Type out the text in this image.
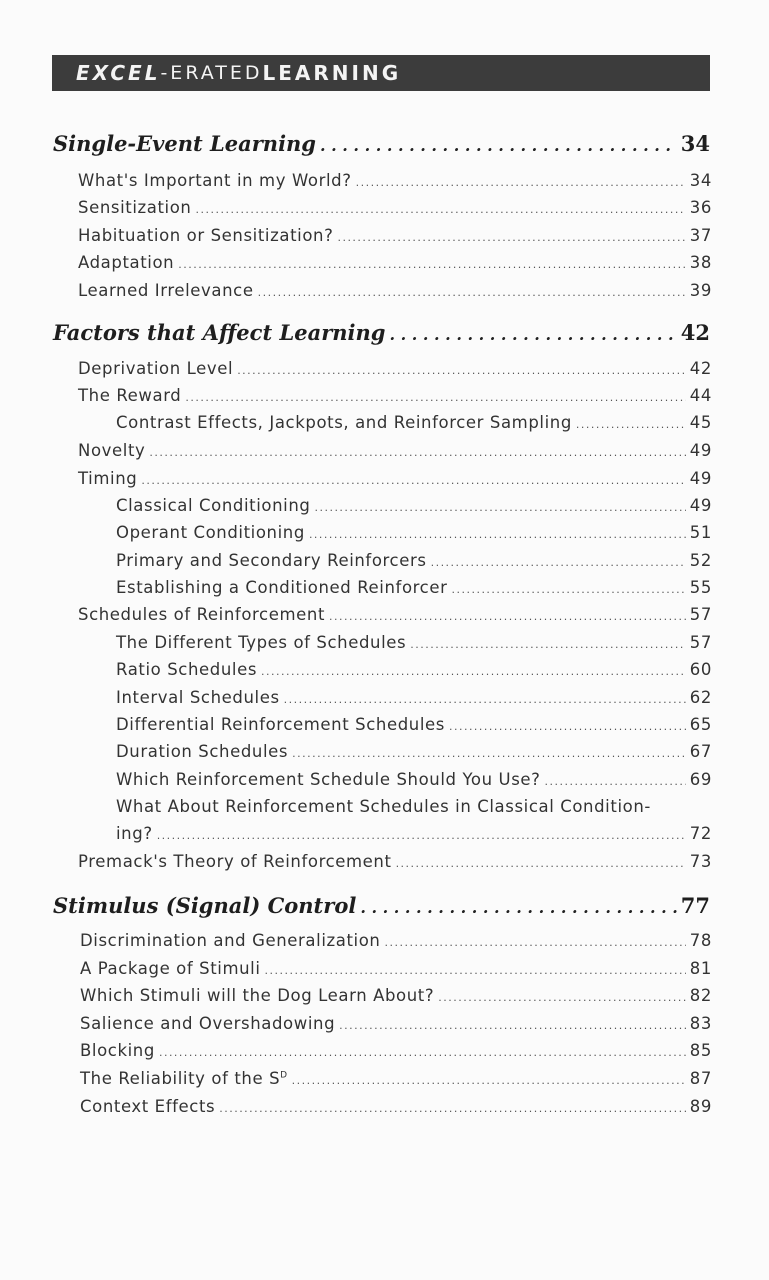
EXCEL -ERATED LEARNING
Single-Event Learning . . .	34
What's Important in my World? . . .	34
Sensitization . . .	36
Habituation or Sensitization? . . .	37
Adaptation . . .	38
Learned Irrelevance . . .	39
Factors that Affect Learning . . .	42
Deprivation Level . . .	42
The Reward . . .	44
Contrast Effects, Jackpots, and Reinforcer Sampling . . .	45
Novelty . . .	49
Timing . . .	49
Classical Conditioning . . .	49
Operant Conditioning . . .	51
Primary and Secondary Reinforcers . . .	52
Establishing a Conditioned Reinforcer . . .	55
Schedules of Reinforcement . . .	57
The Different Types of Schedules . . .	57
Ratio Schedules . . .	60
Interval Schedules . . .	62
Differential Reinforcement Schedules . . .	65
Duration Schedules . . .	67
Which Reinforcement Schedule Should You Use? . . .	69
What About Reinforcement Schedules in Classical Condition-
ing? . . .	72
Premack's Theory of Reinforcement . . .	73
Stimulus (Signal) Control . . .	77
Discrimination and Generalization . . .	78
A Package of Stimuli . . .	81
Which Stimuli will the Dog Learn About? . . .	82
Salience and Overshadowing . . .	83
Blocking . . .	85
The Reliability of the $S^D$ . . .	87
Context Effects . . .	89
